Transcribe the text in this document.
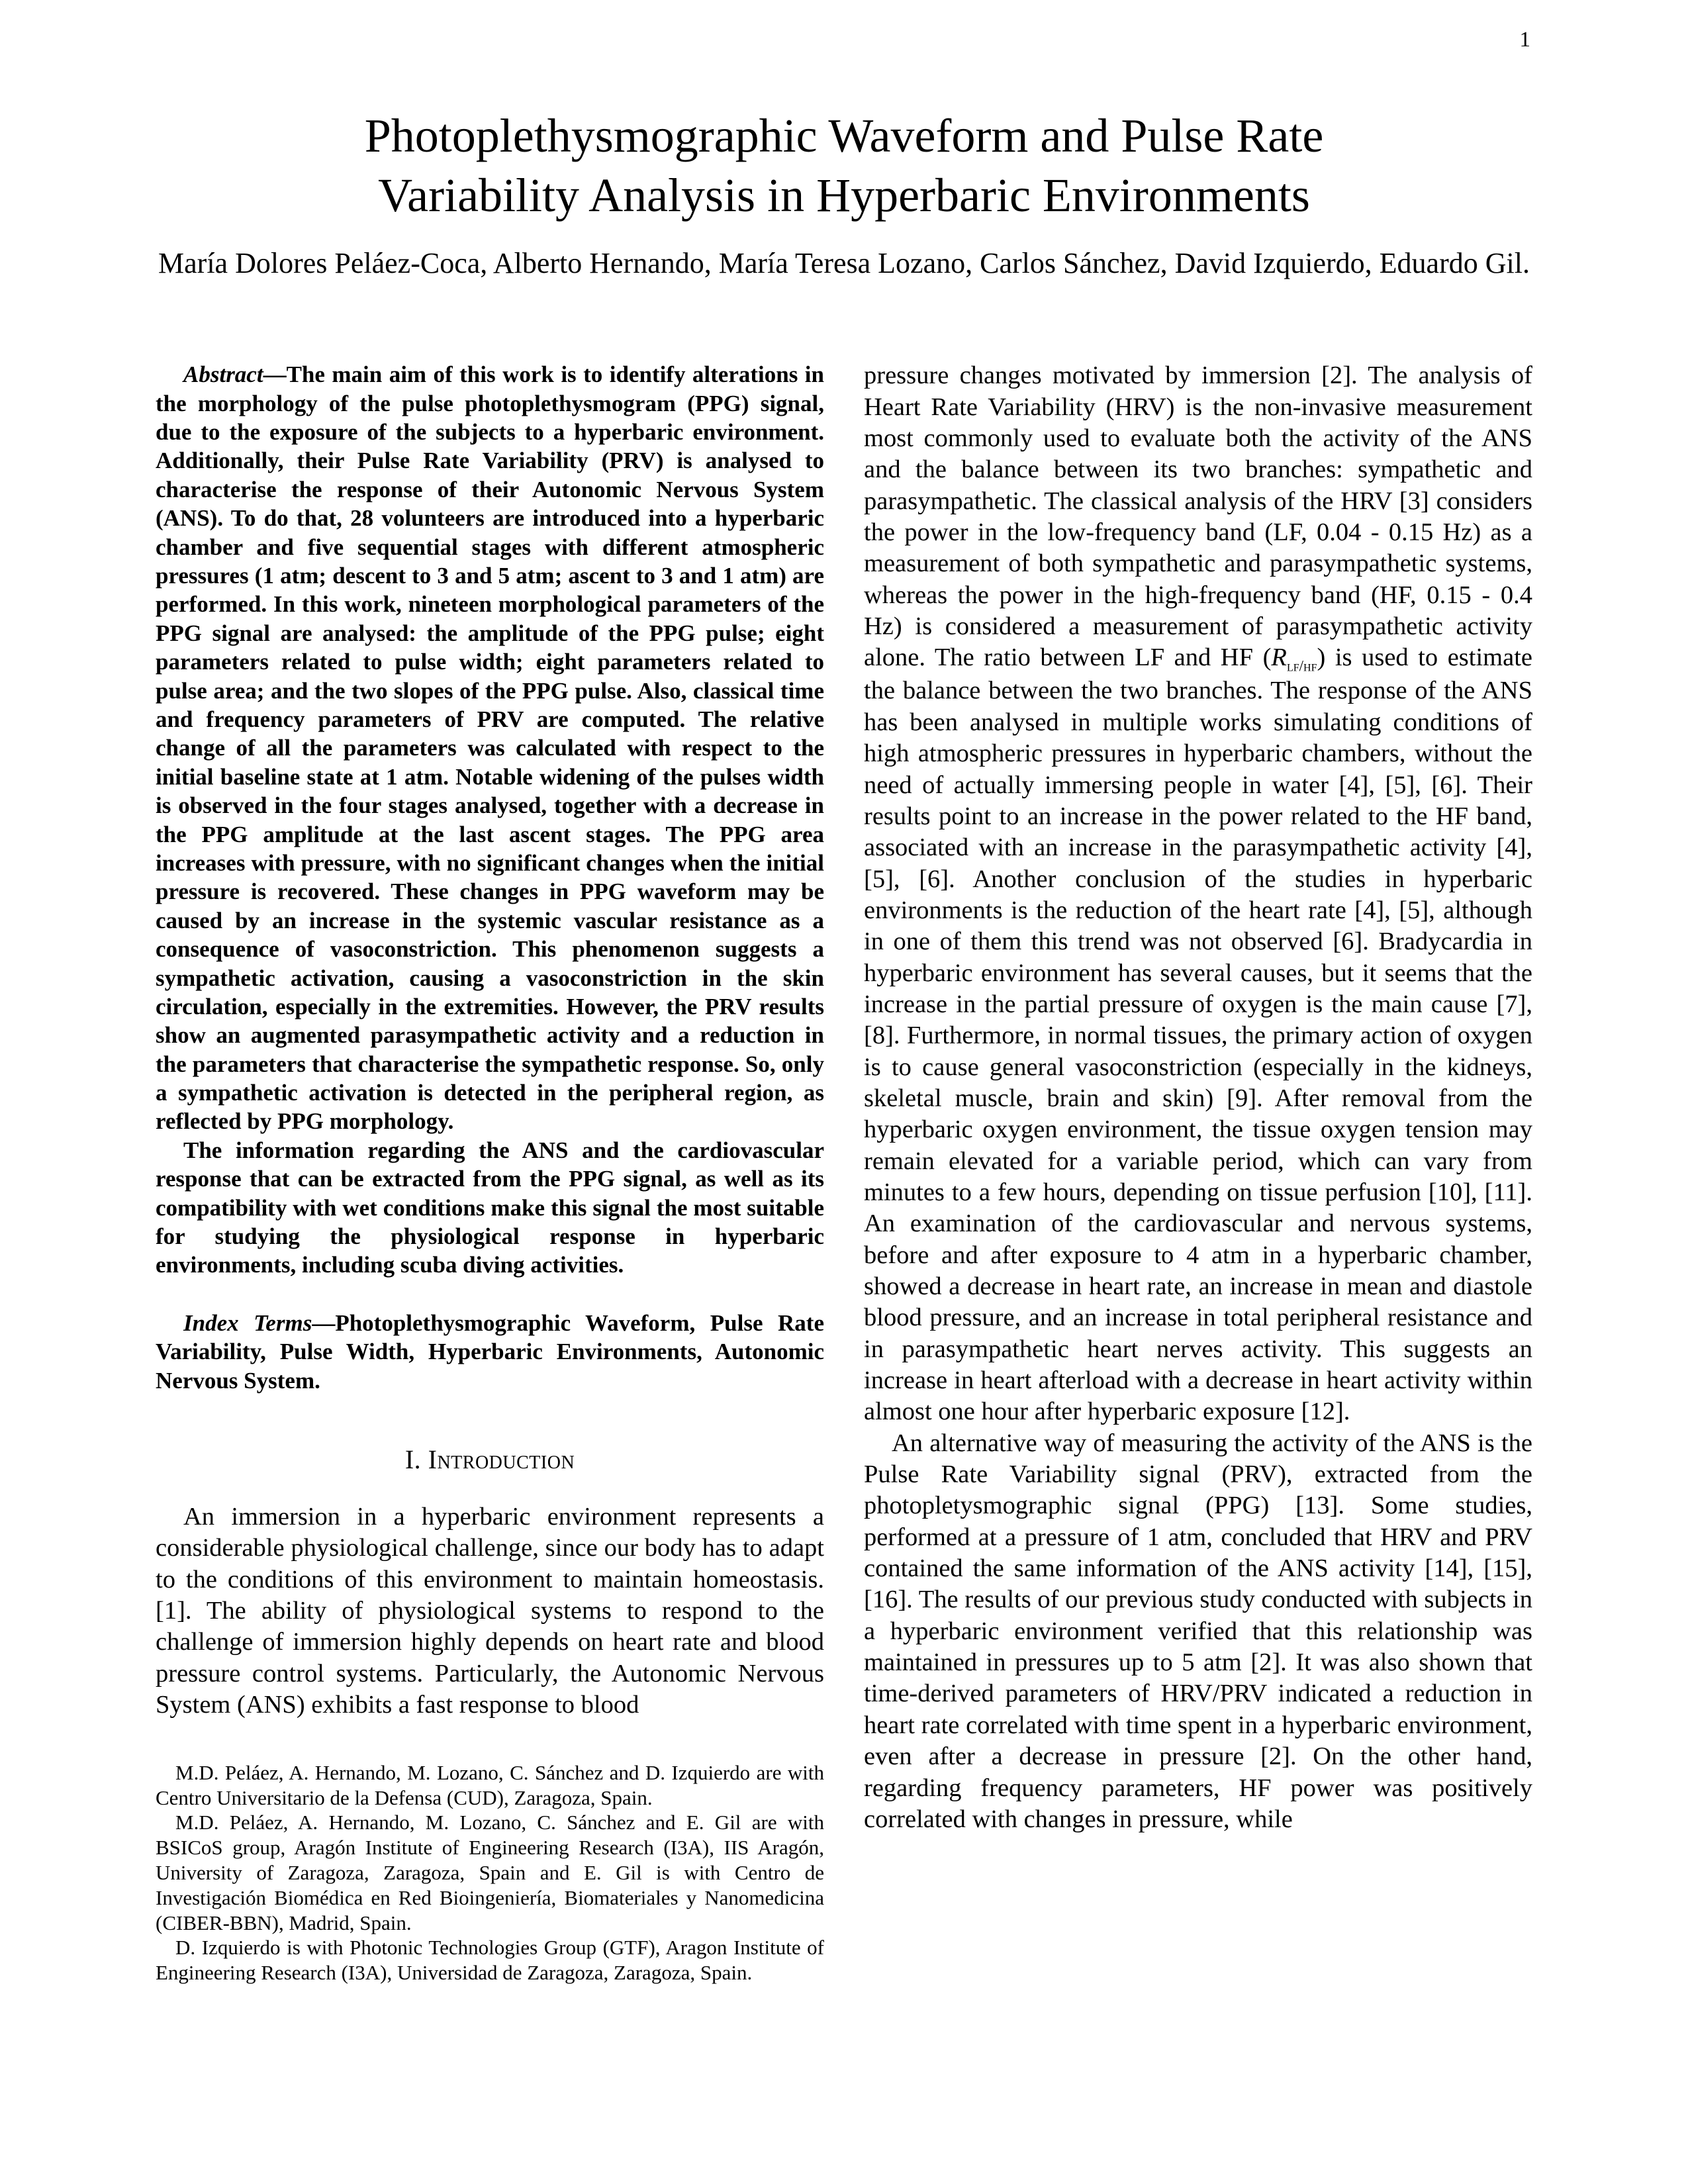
1
Photoplethysmographic Waveform and Pulse Rate
Variability Analysis in Hyperbaric Environments
María Dolores Peláez-Coca, Alberto Hernando, María Teresa Lozano, Carlos Sánchez, David Izquierdo, Eduardo Gil.

Abstract—The main aim of this work is to identify alterations in the morphology of the pulse photoplethysmogram (PPG) signal, due to the exposure of the subjects to a hyperbaric environment. Additionally, their Pulse Rate Variability (PRV) is analysed to characterise the response of their Autonomic Nervous System (ANS). To do that, 28 volunteers are introduced into a hyperbaric chamber and five sequential stages with different atmospheric pressures (1 atm; descent to 3 and 5 atm; ascent to 3 and 1 atm) are performed. In this work, nineteen morphological parameters of the PPG signal are analysed: the amplitude of the PPG pulse; eight parameters related to pulse width; eight parameters related to pulse area; and the two slopes of the PPG pulse. Also, classical time and frequency parameters of PRV are computed. The relative change of all the parameters was calculated with respect to the initial baseline state at 1 atm. Notable widening of the pulses width is observed in the four stages analysed, together with a decrease in the PPG amplitude at the last ascent stages. The PPG area increases with pressure, with no significant changes when the initial pressure is recovered. These changes in PPG waveform may be caused by an increase in the systemic vascular resistance as a consequence of vasoconstriction. This phenomenon suggests a sympathetic activation, causing a vasoconstriction in the skin circulation, especially in the extremities. However, the PRV results show an augmented parasympathetic activity and a reduction in the parameters that characterise the sympathetic response. So, only a sympathetic activation is detected in the peripheral region, as reflected by PPG morphology.

The information regarding the ANS and the cardiovascular response that can be extracted from the PPG signal, as well as its compatibility with wet conditions make this signal the most suitable for studying the physiological response in hyperbaric environments, including scuba diving activities.

Index Terms—Photoplethysmographic Waveform, Pulse Rate Variability, Pulse Width, Hyperbaric Environments, Autonomic Nervous System.

I. Introduction

An immersion in a hyperbaric environment represents a considerable physiological challenge, since our body has to adapt to the conditions of this environment to maintain homeostasis. [1]. The ability of physiological systems to respond to the challenge of immersion highly depends on heart rate and blood pressure control systems. Particularly, the Autonomic Nervous System (ANS) exhibits a fast response to blood

M.D. Peláez, A. Hernando, M. Lozano, C. Sánchez and D. Izquierdo are with Centro Universitario de la Defensa (CUD), Zaragoza, Spain.

M.D. Peláez, A. Hernando, M. Lozano, C. Sánchez and E. Gil are with BSICoS group, Aragón Institute of Engineering Research (I3A), IIS Aragón, University of Zaragoza, Zaragoza, Spain and E. Gil is with Centro de Investigación Biomédica en Red Bioingeniería, Biomateriales y Nanomedicina (CIBER-BBN), Madrid, Spain.

D. Izquierdo is with Photonic Technologies Group (GTF), Aragon Institute of Engineering Research (I3A), Universidad de Zaragoza, Zaragoza, Spain.

pressure changes motivated by immersion [2]. The analysis of Heart Rate Variability (HRV) is the non-invasive measurement most commonly used to evaluate both the activity of the ANS and the balance between its two branches: sympathetic and parasympathetic. The classical analysis of the HRV [3] considers the power in the low-frequency band (LF, 0.04 - 0.15 Hz) as a measurement of both sympathetic and parasympathetic systems, whereas the power in the high-frequency band (HF, 0.15 - 0.4 Hz) is considered a measurement of parasympathetic activity alone. The ratio between LF and HF $(R_{lf/hf})$ is used to estimate the balance between the two branches. The response of the ANS has been analysed in multiple works simulating conditions of high atmospheric pressures in hyperbaric chambers, without the need of actually immersing people in water [4], [5], [6]. Their results point to an increase in the power related to the HF band, associated with an increase in the parasympathetic activity [4], [5], [6]. Another conclusion of the studies in hyperbaric environments is the reduction of the heart rate [4], [5], although in one of them this trend was not observed [6]. Bradycardia in hyperbaric environment has several causes, but it seems that the increase in the partial pressure of oxygen is the main cause [7], [8]. Furthermore, in normal tissues, the primary action of oxygen is to cause general vasoconstriction (especially in the kidneys, skeletal muscle, brain and skin) [9]. After removal from the hyperbaric oxygen environment, the tissue oxygen tension may remain elevated for a variable period, which can vary from minutes to a few hours, depending on tissue perfusion [10], [11]. An examination of the cardiovascular and nervous systems, before and after exposure to 4 atm in a hyperbaric chamber, showed a decrease in heart rate, an increase in mean and diastole blood pressure, and an increase in total peripheral resistance and in parasympathetic heart nerves activity. This suggests an increase in heart afterload with a decrease in heart activity within almost one hour after hyperbaric exposure [12].

An alternative way of measuring the activity of the ANS is the Pulse Rate Variability signal (PRV), extracted from the photopletysmographic signal (PPG) [13]. Some studies, performed at a pressure of 1 atm, concluded that HRV and PRV contained the same information of the ANS activity [14], [15], [16]. The results of our previous study conducted with subjects in a hyperbaric environment verified that this relationship was maintained in pressures up to 5 atm [2]. It was also shown that time-derived parameters of HRV/PRV indicated a reduction in heart rate correlated with time spent in a hyperbaric environment, even after a decrease in pressure [2]. On the other hand, regarding frequency parameters, HF power was positively correlated with changes in pressure, while
